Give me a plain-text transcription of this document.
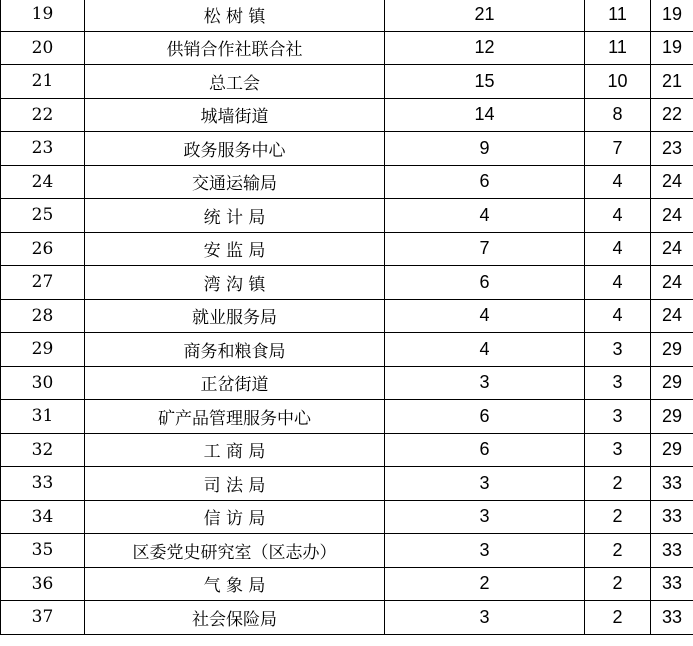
19	松 树 镇	21	11	19
20	供销合作社联合社	12	11	19
21	总工会	15	10	21
22	城墙街道	14	8	22
23	政务服务中心	9	7	23
24	交通运输局	6	4	24
25	统 计 局	4	4	24
26	安 监 局	7	4	24
27	湾 沟 镇	6	4	24
28	就业服务局	4	4	24
29	商务和粮食局	4	3	29
30	正岔街道	3	3	29
31	矿产品管理服务中心	6	3	29
32	工 商 局	6	3	29
33	司 法 局	3	2	33
34	信 访 局	3	2	33
35	区委党史研究室（区志办）	3	2	33
36	气 象 局	2	2	33
37	社会保险局	3	2	33
